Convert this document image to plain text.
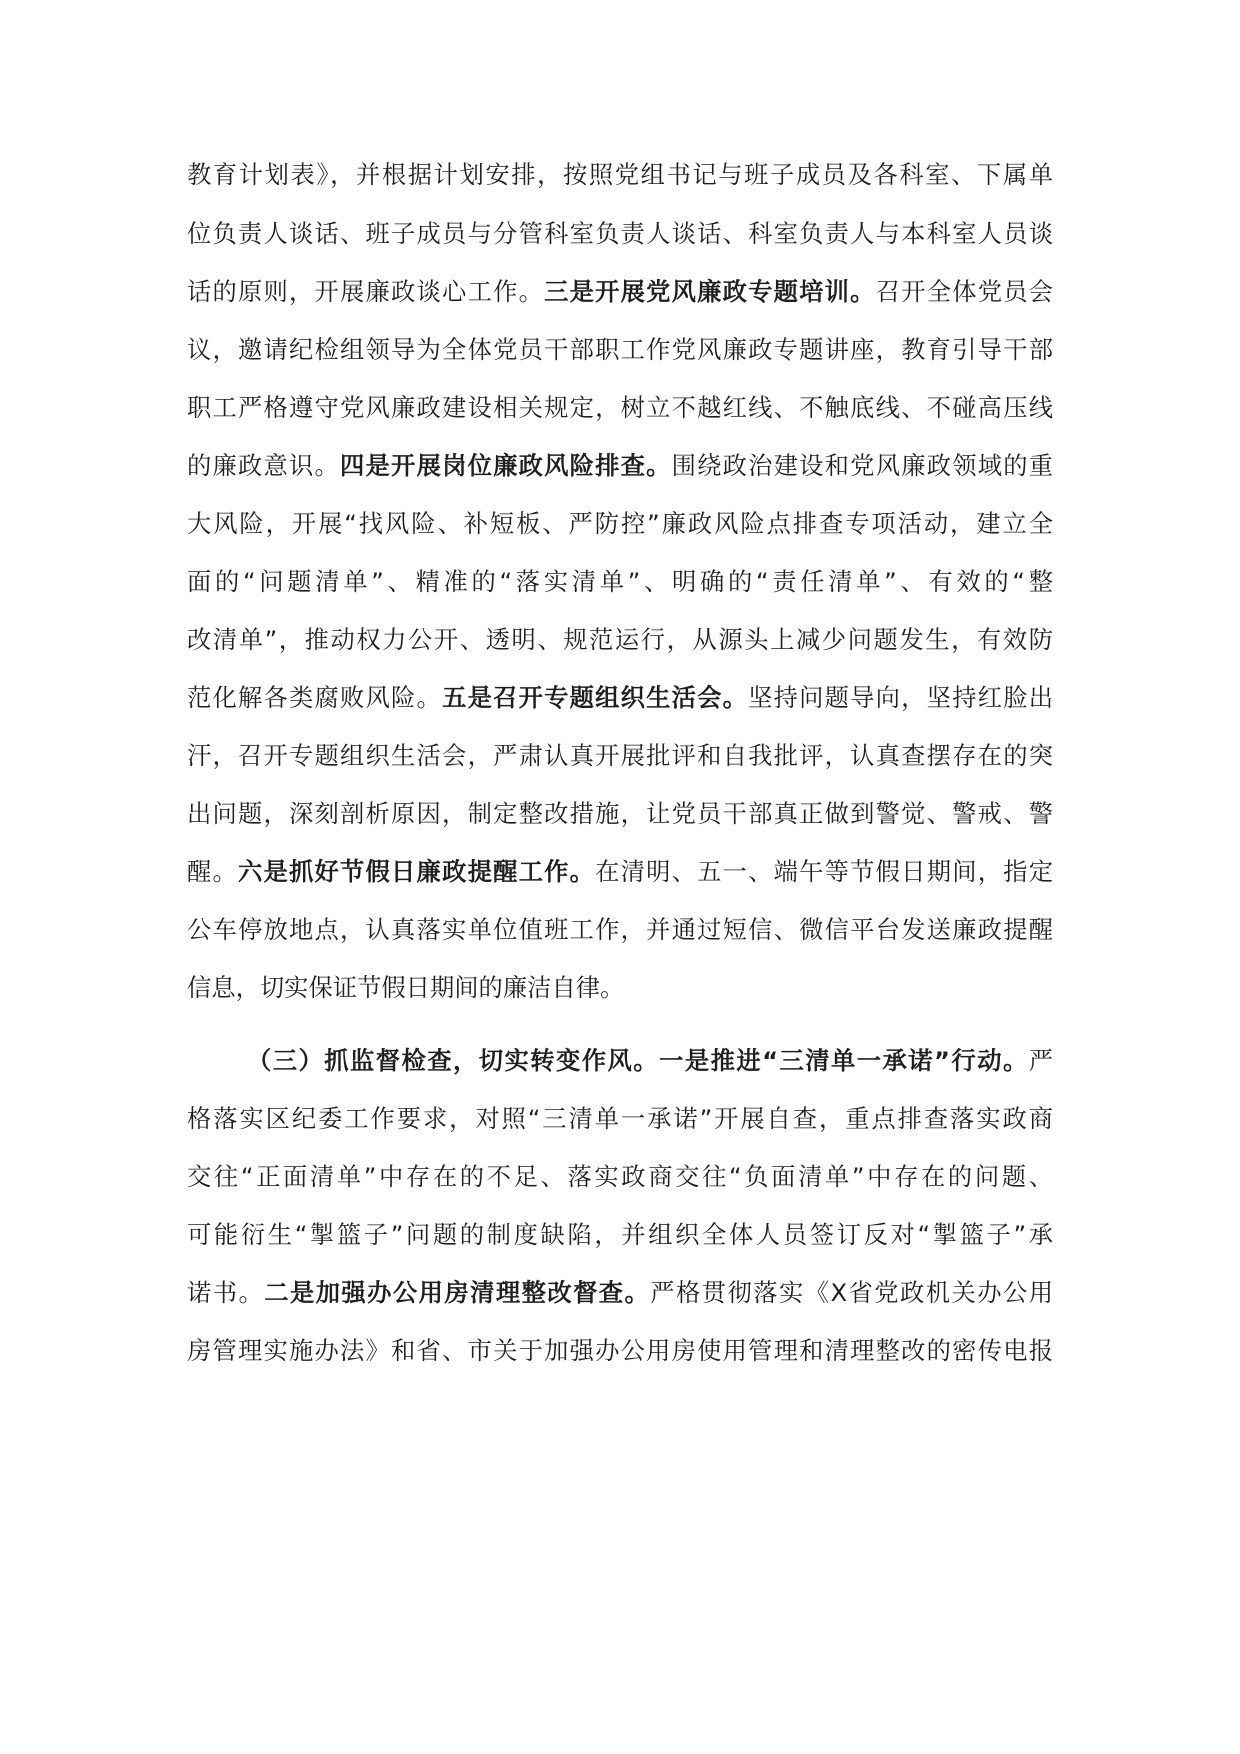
教育计划表》，并根据计划安排，按照党组书记与班子成员及各科室、下属单
位负责人谈话、班子成员与分管科室负责人谈话、科室负责人与本科室人员谈
话的原则，开展廉政谈心工作。三是开展党风廉政专题培训。召开全体党员会
议，邀请纪检组领导为全体党员干部职工作党风廉政专题讲座，教育引导干部
职工严格遵守党风廉政建设相关规定，树立不越红线、不触底线、不碰高压线
的廉政意识。四是开展岗位廉政风险排查。围绕政治建设和党风廉政领域的重
大风险，开展“找风险、补短板、严防控”廉政风险点排查专项活动，建立全
面的“问题清单”、精准的“落实清单”、明确的“责任清单”、有效的“整
改清单”，推动权力公开、透明、规范运行，从源头上减少问题发生，有效防
范化解各类腐败风险。五是召开专题组织生活会。坚持问题导向，坚持红脸出
汗，召开专题组织生活会，严肃认真开展批评和自我批评，认真查摆存在的突
出问题，深刻剖析原因，制定整改措施，让党员干部真正做到警觉、警戒、警
醒。六是抓好节假日廉政提醒工作。在清明、五一、端午等节假日期间，指定
公车停放地点，认真落实单位值班工作，并通过短信、微信平台发送廉政提醒
信息，切实保证节假日期间的廉洁自律。
（三）抓监督检查，切实转变作风。一是推进“三清单一承诺”行动。严
格落实区纪委工作要求，对照“三清单一承诺”开展自查，重点排查落实政商
交往“正面清单”中存在的不足、落实政商交往“负面清单”中存在的问题、
可能衍生“掣篮子”问题的制度缺陷，并组织全体人员签订反对“掣篮子”承
诺书。二是加强办公用房清理整改督查。严格贯彻落实《X省党政机关办公用
房管理实施办法》和省、市关于加强办公用房使用管理和清理整改的密传电报
